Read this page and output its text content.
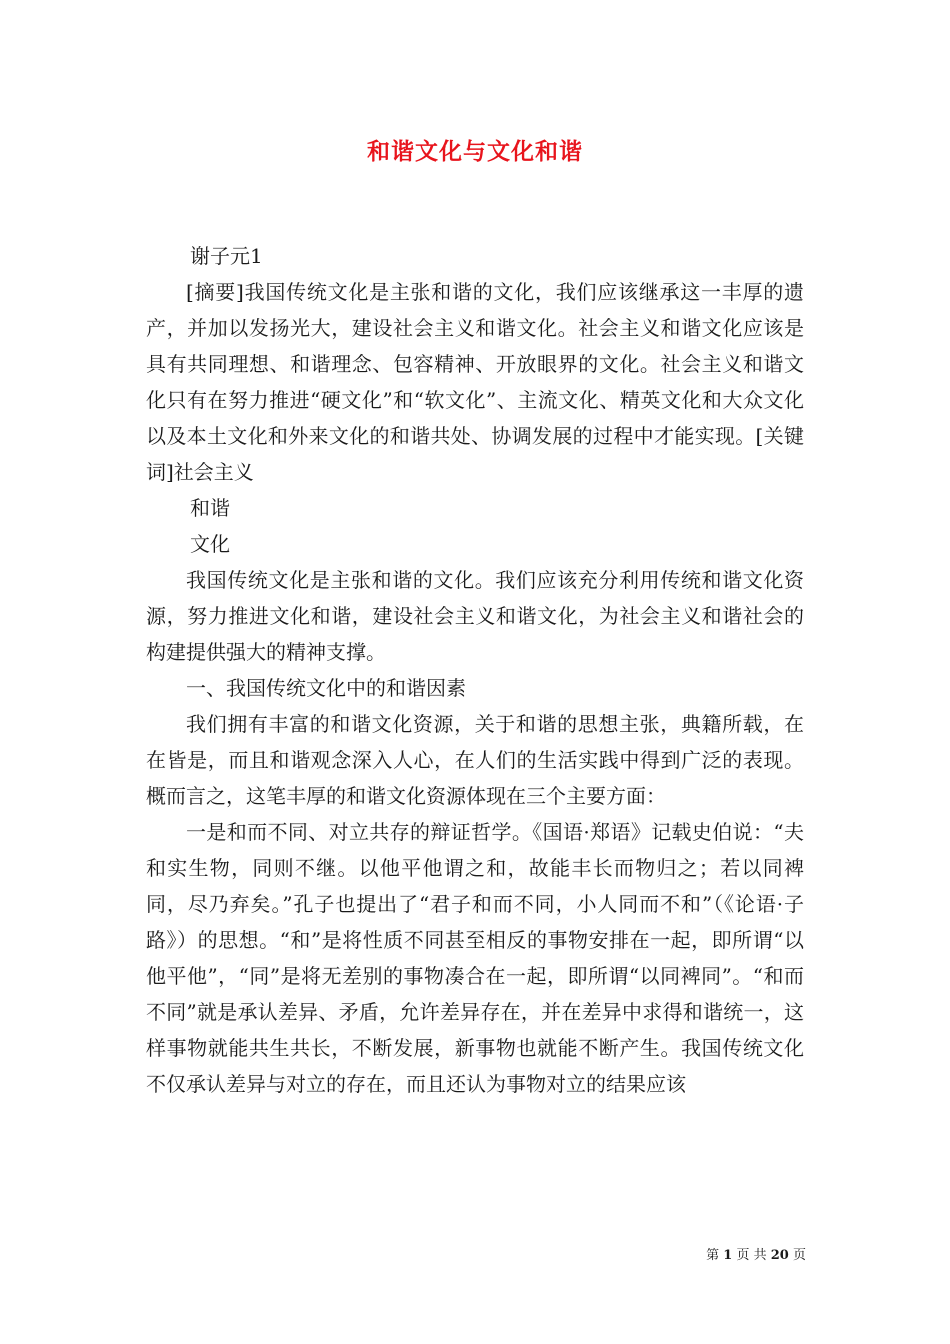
和谐文化与文化和谐

谢子元1

[摘要]我国传统文化是主张和谐的文化，我们应该继承这一丰厚的遗产，并加以发扬光大，建设社会主义和谐文化。社会主义和谐文化应该是具有共同理想、和谐理念、包容精神、开放眼界的文化。社会主义和谐文化只有在努力推进“硬文化”和“软文化”、主流文化、精英文化和大众文化以及本土文化和外来文化的和谐共处、协调发展的过程中才能实现。[关键词]社会主义

和谐

文化

我国传统文化是主张和谐的文化。我们应该充分利用传统和谐文化资源，努力推进文化和谐，建设社会主义和谐文化，为社会主义和谐社会的构建提供强大的精神支撑。

一、我国传统文化中的和谐因素

我们拥有丰富的和谐文化资源，关于和谐的思想主张，典籍所载，在在皆是，而且和谐观念深入人心，在人们的生活实践中得到广泛的表现。概而言之，这笔丰厚的和谐文化资源体现在三个主要方面：

一是和而不同、对立共存的辩证哲学。《国语·郑语》记载史伯说：“夫和实生物，同则不继。以他平他谓之和，故能丰长而物归之；若以同裨同，尽乃弃矣。”孔子也提出了“君子和而不同，小人同而不和”（《论语·子路》）的思想。“和”是将性质不同甚至相反的事物安排在一起，即所谓“以他平他”，“同”是将无差别的事物凑合在一起，即所谓“以同裨同”。“和而不同”就是承认差异、矛盾，允许差异存在，并在差异中求得和谐统一，这样事物就能共生共长，不断发展，新事物也就能不断产生。我国传统文化不仅承认差异与对立的存在，而且还认为事物对立的结果应该

第 1 页 共 20 页
